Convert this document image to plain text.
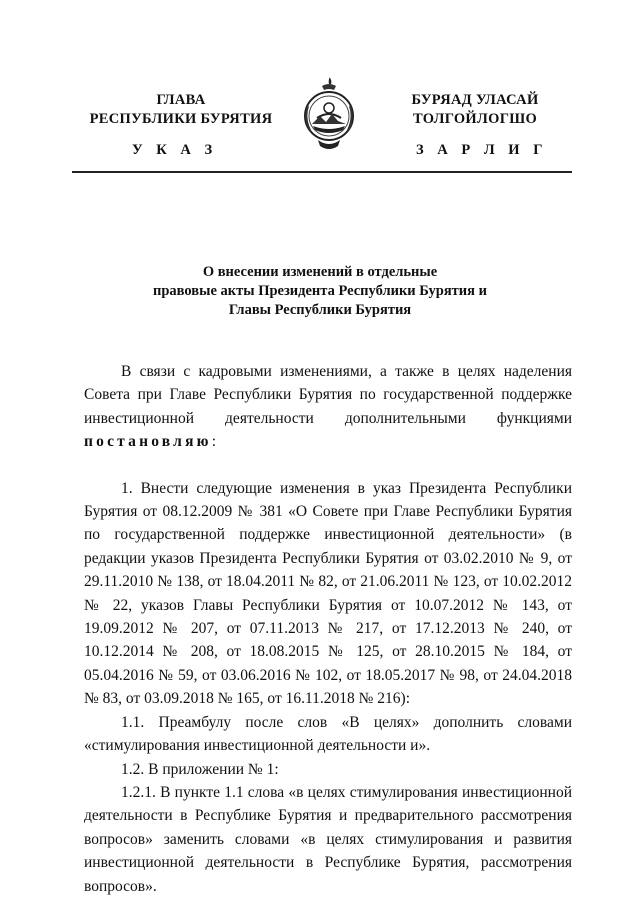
ГЛАВА
РЕСПУБЛИКИ БУРЯТИЯ
У К А З
БУРЯАД УЛАСАЙ
ТОЛГОЙЛОГШО
З А Р Л И Г
О внесении изменений в отдельные
правовые акты Президента Республики Бурятия и
Главы Республики Бурятия

В связи с кадровыми изменениями, а также в целях наделения Совета при Главе Республики Бурятия по государственной поддержке инвестиционной деятельности дополнительными функциями постановляю:

1. Внести следующие изменения в указ Президента Республики Бурятия от 08.12.2009 № 381 «О Совете при Главе Республики Бурятия по государственной поддержке инвестиционной деятельности» (в редакции указов Президента Республики Бурятия от 03.02.2010 № 9, от 29.11.2010 № 138, от 18.04.2011 № 82, от 21.06.2011 № 123, от 10.02.2012 № 22, указов Главы Республики Бурятия от 10.07.2012 № 143, от 19.09.2012 № 207, от 07.11.2013 № 217, от 17.12.2013 № 240, от 10.12.2014 № 208, от 18.08.2015 № 125, от 28.10.2015 № 184, от 05.04.2016 № 59, от 03.06.2016 № 102, от 18.05.2017 № 98, от 24.04.2018 № 83, от 03.09.2018 № 165, от 16.11.2018 № 216):

1.1. Преамбулу после слов «В целях» дополнить словами «стимулирования инвестиционной деятельности и».

1.2. В приложении № 1:

1.2.1. В пункте 1.1 слова «в целях стимулирования инвестиционной деятельности в Республике Бурятия и предварительного рассмотрения вопросов» заменить словами «в целях стимулирования и развития инвестиционной деятельности в Республике Бурятия, рассмотрения вопросов».
